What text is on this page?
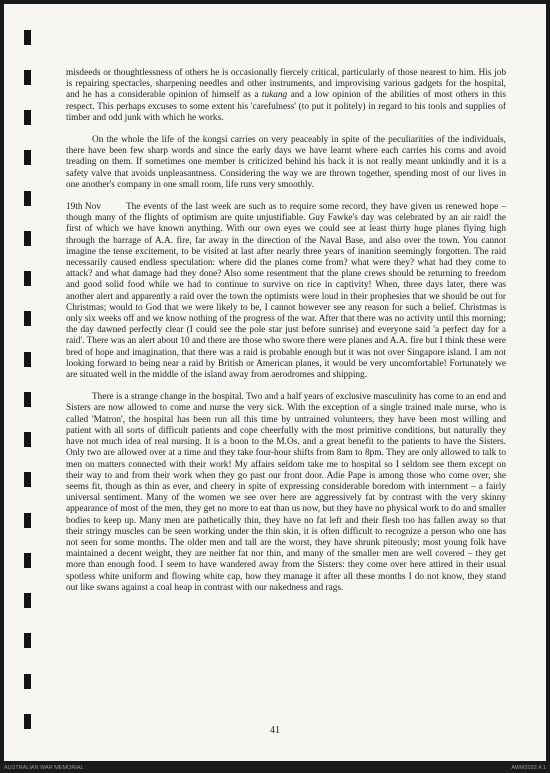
misdeeds or thoughtlessness of others he is occasionally fiercely critical, particularly of those nearest to him. His job is repairing spectacles, sharpening needles and other instruments, and improvising various gadgets for the hospital, and he has a considerable opinion of himself as a tukang and a low opinion of the abilities of most others in this respect. This perhaps excuses to some extent his 'carefulness' (to put it politely) in regard to his tools and supplies of timber and odd junk with which he works.

On the whole the life of the kongsi carries on very peaceably in spite of the peculiarities of the individuals, there have been few sharp words and since the early days we have learnt where each carries his corns and avoid treading on them. If sometimes one member is criticized behind his back it is not really meant unkindly and it is a safety valve that avoids unpleasantness. Considering the way we are thrown together, spending most of our lives in one another's company in one small room, life runs very smoothly.

19th Nov	The events of the last week are such as to require some record, they have given us renewed hope – though many of the flights of optimism are quite unjustifiable. Guy Fawke's day was celebrated by an air raid! the first of which we have known anything. With our own eyes we could see at least thirty huge planes flying high through the barrage of A.A. fire, far away in the direction of the Naval Base, and also over the town. You cannot imagine the tense excitement, to be visited at last after nearly three years of inanition seemingly forgotten. The raid necessarily caused endless speculation: where did the planes come from? what were they? what had they come to attack? and what damage had they done? Also some resentment that the plane crews should be returning to freedom and good solid food while we had to continue to survive on rice in captivity! When, three days later, there was another alert and apparently a raid over the town the optimists were loud in their prophesies that we should be out for Christmas; would to God that we were likely to be, I cannot however see any reason for such a belief. Christmas is only six weeks off and we know nothing of the progress of the war. After that there was no activity until this morning; the day dawned perfectly clear (I could see the pole star just before sunrise) and everyone said 'a perfect day for a raid'. There was an alert about 10 and there are those who swore there were planes and A.A. fire but I think these were bred of hope and imagination, that there was a raid is probable enough but it was not over Singapore island. I am not looking forward to being near a raid by British or American planes, it would be very uncomfortable! Fortunately we are situated well in the middle of the island away from aerodromes and shipping.

There is a strange change in the hospital. Two and a half years of exclusive masculinity has come to an end and Sisters are now allowed to come and nurse the very sick. With the exception of a single trained male nurse, who is called 'Matron', the hospital has been run all this time by untrained volunteers, they have been most willing and patient with all sorts of difficult patients and cope cheerfully with the most primitive conditions, but naturally they have not much idea of real nursing. It is a boon to the M.Os. and a great benefit to the patients to have the Sisters. Only two are allowed over at a time and they take four-hour shifts from 8am to 8pm. They are only allowed to talk to men on matters connected with their work! My affairs seldom take me to hospital so I seldom see them except on their way to and from their work when they go past our front door. Adie Pape is among those who come over, she seems fit, though as thin as ever, and cheery in spite of expressing considerable boredom with internment – a fairly universal sentiment. Many of the women we see over here are aggressively fat by contrast with the very skinny appearance of most of the men, they get no more to eat than us now, but they have no physical work to do and smaller bodies to keep up. Many men are pathetically thin, they have no fat left and their flesh too has fallen away so that their stringy muscles can be seen working under the thin skin, it is often difficult to recognize a person who one has not seen for some months. The older men and tall are the worst, they have shrunk piteously; most young folk have maintained a decent weight, they are neither fat nor thin, and many of the smaller men are well covered – they get more than enough food. I seem to have wandered away from the Sisters: they come over here attired in their usual spotless white uniform and flowing white cap, how they manage it after all these months I do not know, they stand out like swans against a coal heap in contrast with our nakedness and rags.

41
AUSTRALIAN WAR MEMORIAL	AWM2022.4.1
